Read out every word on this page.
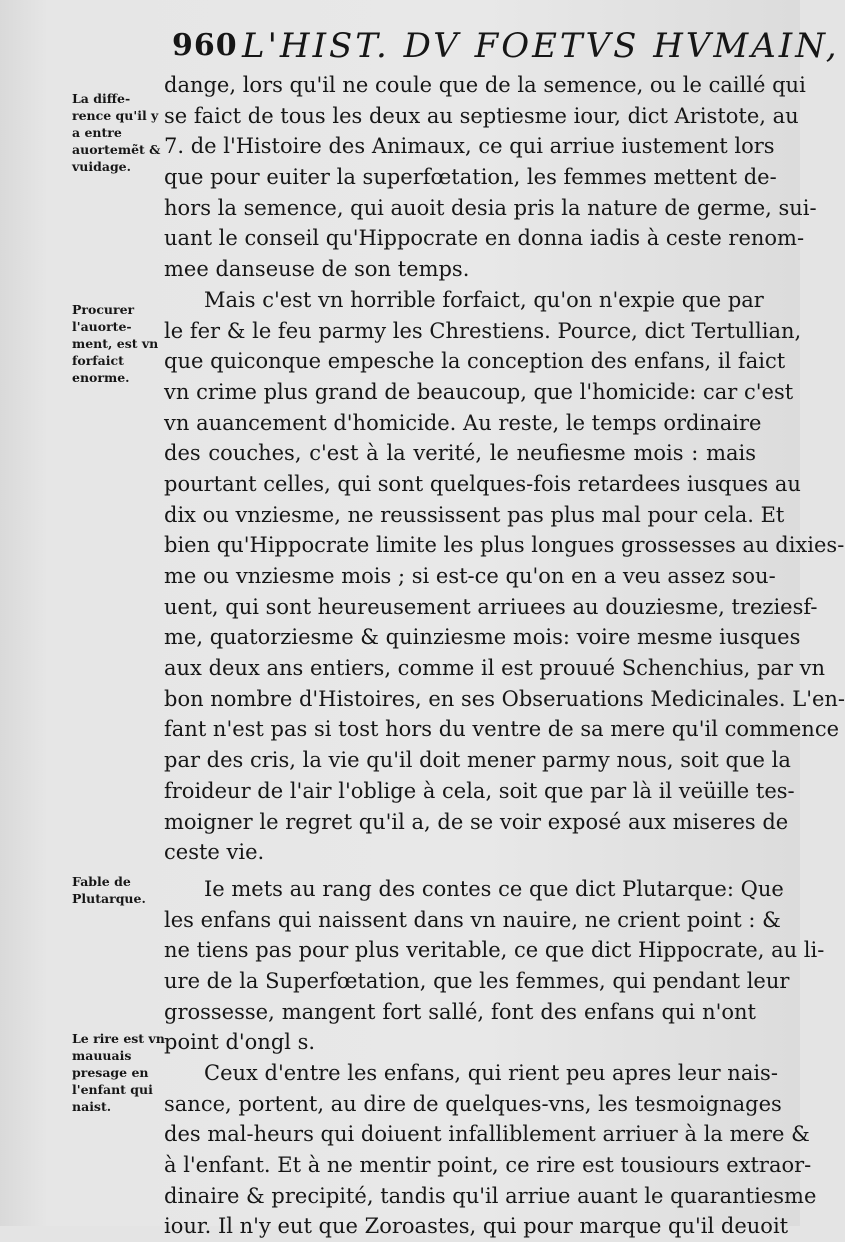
960 L'HIST. DV FOETVS HVMAIN,
La diffe- rence qu'il y a entre auortemẽt & vuidage.
Procurer l'auorte- ment, est vn forfaict enorme.
Fable de Plutarque.
Le rire est vn mauuais presage en l'enfant qui naist.
dange, lors qu'il ne coule que de la semence, ou le caillé qui
se faict de tous les deux au septiesme iour, dict Aristote, au
7. de l'Histoire des Animaux, ce qui arriue iustement lors
que pour euiter la superfœtation, les femmes mettent de-
hors la semence, qui auoit desia pris la nature de germe, sui-
uant le conseil qu'Hippocrate en donna iadis à ceste renom-
mee danseuse de son temps.
Mais c'est vn horrible forfaict, qu'on n'expie que par
le fer & le feu parmy les Chrestiens. Pource, dict Tertullian,
que quiconque empesche la conception des enfans, il faict
vn crime plus grand de beaucoup, que l'homicide: car c'est
vn auancement d'homicide. Au reste, le temps ordinaire
des couches, c'est à la verité, le neufiesme mois : mais
pourtant celles, qui sont quelques-fois retardees iusques au
dix ou vnziesme, ne reussissent pas plus mal pour cela. Et
bien qu'Hippocrate limite les plus longues grossesses au dixies-
me ou vnziesme mois ; si est-ce qu'on en a veu assez sou-
uent, qui sont heureusement arriuees au douziesme, treziesf-
me, quatorziesme & quinziesme mois: voire mesme iusques
aux deux ans entiers, comme il est prouué Schenchius, par vn
bon nombre d'Histoires, en ses Obseruations Medicinales. L'en-
fant n'est pas si tost hors du ventre de sa mere qu'il commence
par des cris, la vie qu'il doit mener parmy nous, soit que la
froideur de l'air l'oblige à cela, soit que par là il veüille tes-
moigner le regret qu'il a, de se voir exposé aux miseres de
ceste vie.
Ie mets au rang des contes ce que dict Plutarque: Que
les enfans qui naissent dans vn nauire, ne crient point : &
ne tiens pas pour plus veritable, ce que dict Hippocrate, au li-
ure de la Superfœtation, que les femmes, qui pendant leur
grossesse, mangent fort sallé, font des enfans qui n'ont
point d'ongl s.
Ceux d'entre les enfans, qui rient peu apres leur nais-
sance, portent, au dire de quelques-vns, les tesmoignages
des mal-heurs qui doiuent infalliblement arriuer à la mere &
à l'enfant. Et à ne mentir point, ce rire est tousiours extraor-
dinaire & precipité, tandis qu'il arriue auant le quarantiesme
iour. Il n'y eut que Zoroastes, qui pour marque qu'il deuoit
